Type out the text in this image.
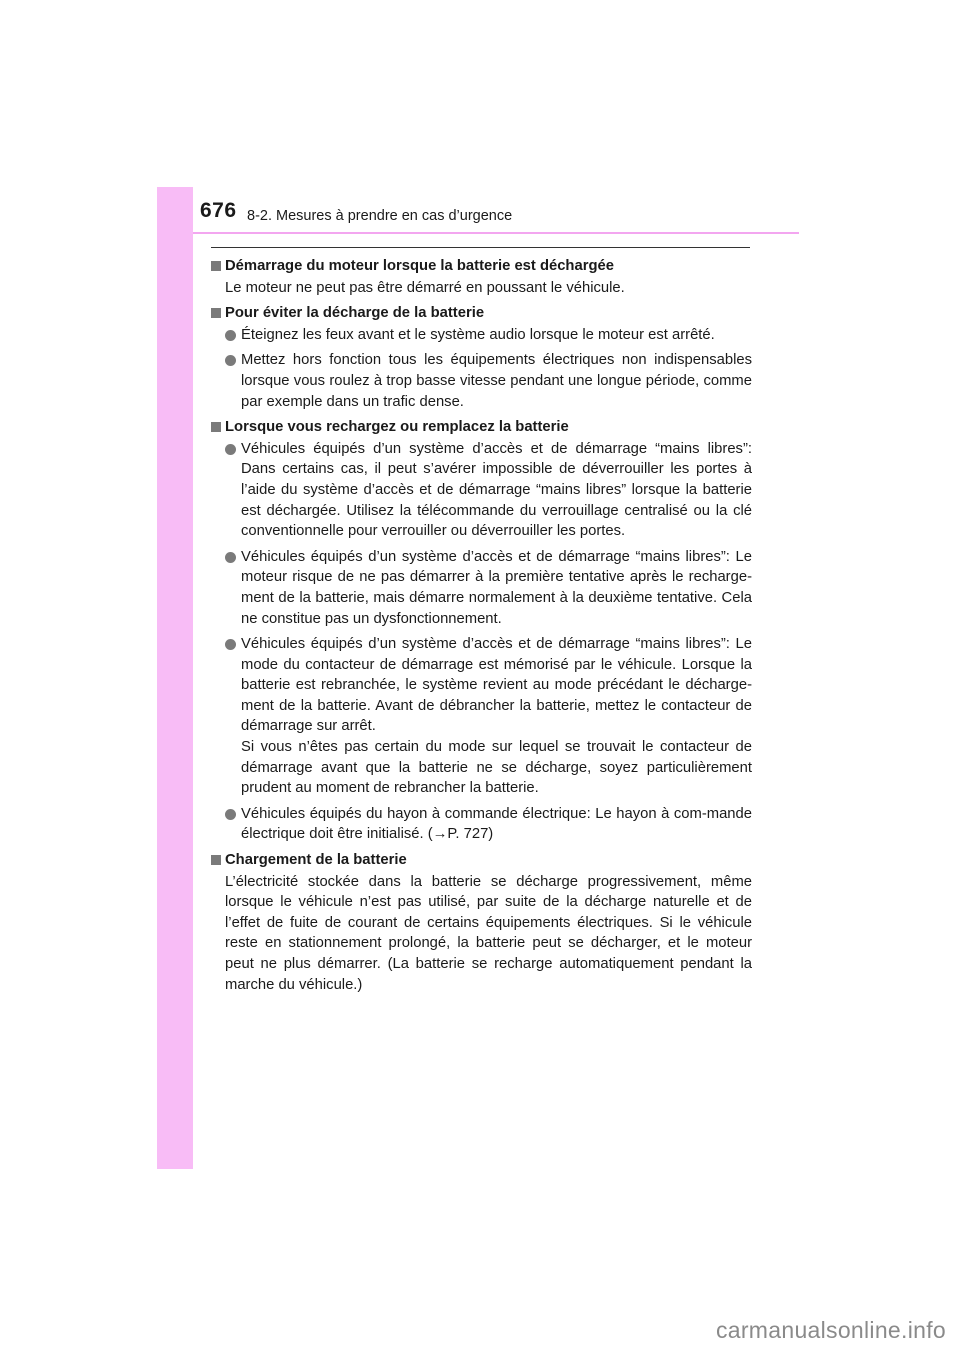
676 8-2. Mesures à prendre en cas d’urgence
Démarrage du moteur lorsque la batterie est déchargée
Le moteur ne peut pas être démarré en poussant le véhicule.
Pour éviter la décharge de la batterie
Éteignez les feux avant et le système audio lorsque le moteur est arrêté.
Mettez hors fonction tous les équipements électriques non indispensables lorsque vous roulez à trop basse vitesse pendant une longue période, comme par exemple dans un trafic dense.
Lorsque vous rechargez ou remplacez la batterie
Véhicules équipés d’un système d’accès et de démarrage “mains libres”: Dans certains cas, il peut s’avérer impossible de déverrouiller les portes à l’aide du système d’accès et de démarrage “mains libres” lorsque la batterie est déchargée. Utilisez la télécommande du verrouillage centralisé ou la clé conventionnelle pour verrouiller ou déverrouiller les portes.
Véhicules équipés d’un système d’accès et de démarrage “mains libres”: Le moteur risque de ne pas démarrer à la première tentative après le recharge-ment de la batterie, mais démarre normalement à la deuxième tentative. Cela ne constitue pas un dysfonctionnement.
Véhicules équipés d’un système d’accès et de démarrage “mains libres”: Le mode du contacteur de démarrage est mémorisé par le véhicule. Lorsque la batterie est rebranchée, le système revient au mode précédant le décharge-ment de la batterie. Avant de débrancher la batterie, mettez le contacteur de démarrage sur arrêt.
Si vous n’êtes pas certain du mode sur lequel se trouvait le contacteur de démarrage avant que la batterie ne se décharge, soyez particulièrement prudent au moment de rebrancher la batterie.
Véhicules équipés du hayon à commande électrique: Le hayon à com-mande électrique doit être initialisé. (→P. 727)
Chargement de la batterie
L’électricité stockée dans la batterie se décharge progressivement, même lorsque le véhicule n’est pas utilisé, par suite de la décharge naturelle et de l’effet de fuite de courant de certains équipements électriques. Si le véhicule reste en stationnement prolongé, la batterie peut se décharger, et le moteur peut ne plus démarrer. (La batterie se recharge automatiquement pendant la marche du véhicule.)
carmanualsonline.info
